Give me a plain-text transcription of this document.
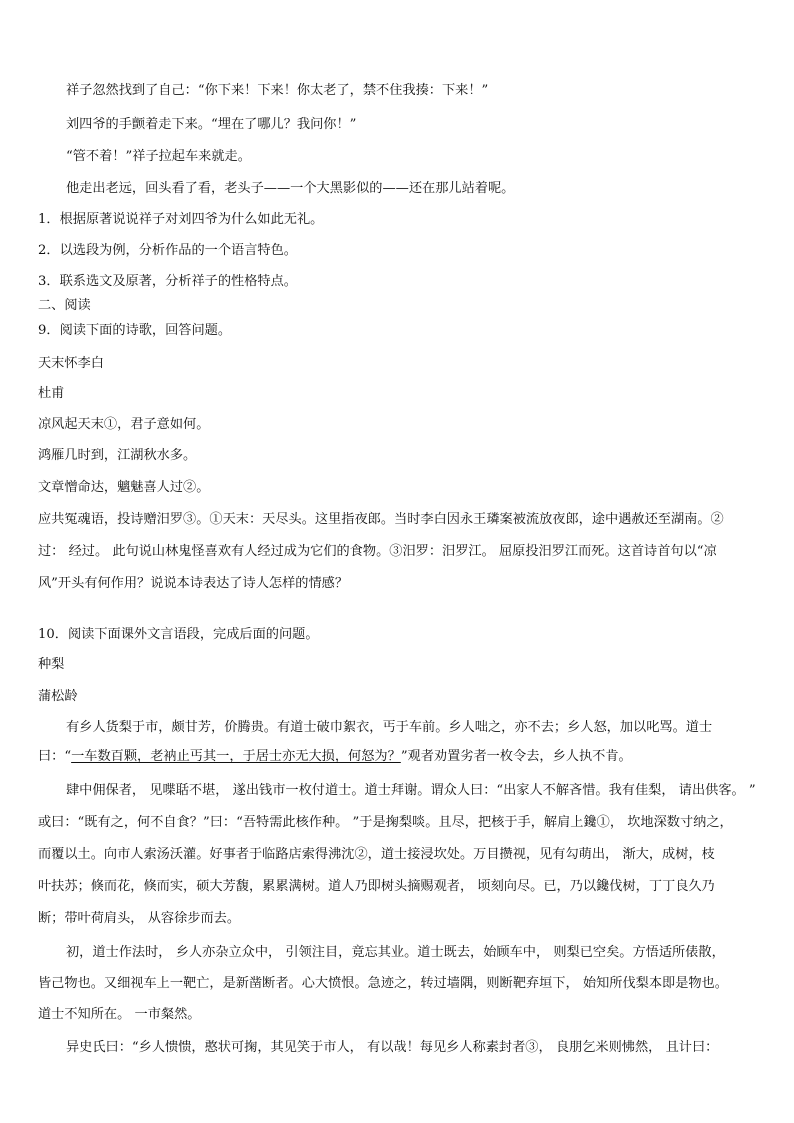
祥子忽然找到了自己：“你下来！下来！你太老了，禁不住我揍：下来！”

刘四爷的手颤着走下来。“埋在了哪儿？我问你！”

“管不着！”祥子拉起车来就走。

他走出老远，回头看了看，老头子——一个大黑影似的——还在那儿站着呢。

1．根据原著说说祥子对刘四爷为什么如此无礼。

2．以选段为例，分析作品的一个语言特色。

3．联系选文及原著，分析祥子的性格特点。

二、阅读

9．阅读下面的诗歌，回答问题。

天末怀李白

杜甫

凉风起天末①，君子意如何。

鸿雁几时到，江湖秋水多。

文章憎命达，魑魅喜人过②。

应共冤魂语，投诗赠汨罗③。①天末：天尽头。这里指夜郎。当时李白因永王璘案被流放夜郎，途中遇赦还至湖南。②

过： 经过。 此句说山林鬼怪喜欢有人经过成为它们的食物。③汨罗：汨罗江。 屈原投汨罗江而死。这首诗首句以“凉

风”开头有何作用？说说本诗表达了诗人怎样的情感？

10．阅读下面课外文言语段，完成后面的问题。

种梨

蒲松龄

有乡人货梨于市，颇甘芳，价腾贵。有道士破巾絮衣，丐于车前。乡人咄之，亦不去；乡人怒，加以叱骂。道士

曰：“一车数百颗，老衲止丐其一，于居士亦无大损，何怒为？”观者劝置劣者一枚令去，乡人执不肯。

肆中佣保者， 见喋聒不堪， 遂出钱市一枚付道士。道士拜谢。谓众人曰：“出家人不解吝惜。我有佳梨， 请出供客。 ”

或曰：“既有之，何不自食？”曰：“吾特需此核作种。 ”于是掬梨啖。且尽，把核于手，解肩上鑱①， 坎地深数寸纳之，

而覆以土。向市人索汤沃灌。好事者于临路店索得沸沈②，道士接浸坎处。万目攒视，见有勾萌出， 渐大，成树，枝

叶扶苏；倏而花，倏而实，硕大芳馥，累累满树。道人乃即树头摘赐观者， 顷刻向尽。已，乃以鑱伐树，丁丁良久乃

断；带叶荷肩头， 从容徐步而去。

初，道士作法时， 乡人亦杂立众中， 引领注目，竟忘其业。道士既去，始顾车中， 则梨已空矣。方悟适所俵散，

皆己物也。又细视车上一靶亡，是新凿断者。心大愤恨。急迹之，转过墙隅，则断靶弃垣下， 始知所伐梨本即是物也。

道士不知所在。 一市粲然。

异史氏曰：“乡人愦愦，憨状可掬，其见笑于市人， 有以哉！每见乡人称素封者③， 良朋乞米则怫然， 且计曰：
